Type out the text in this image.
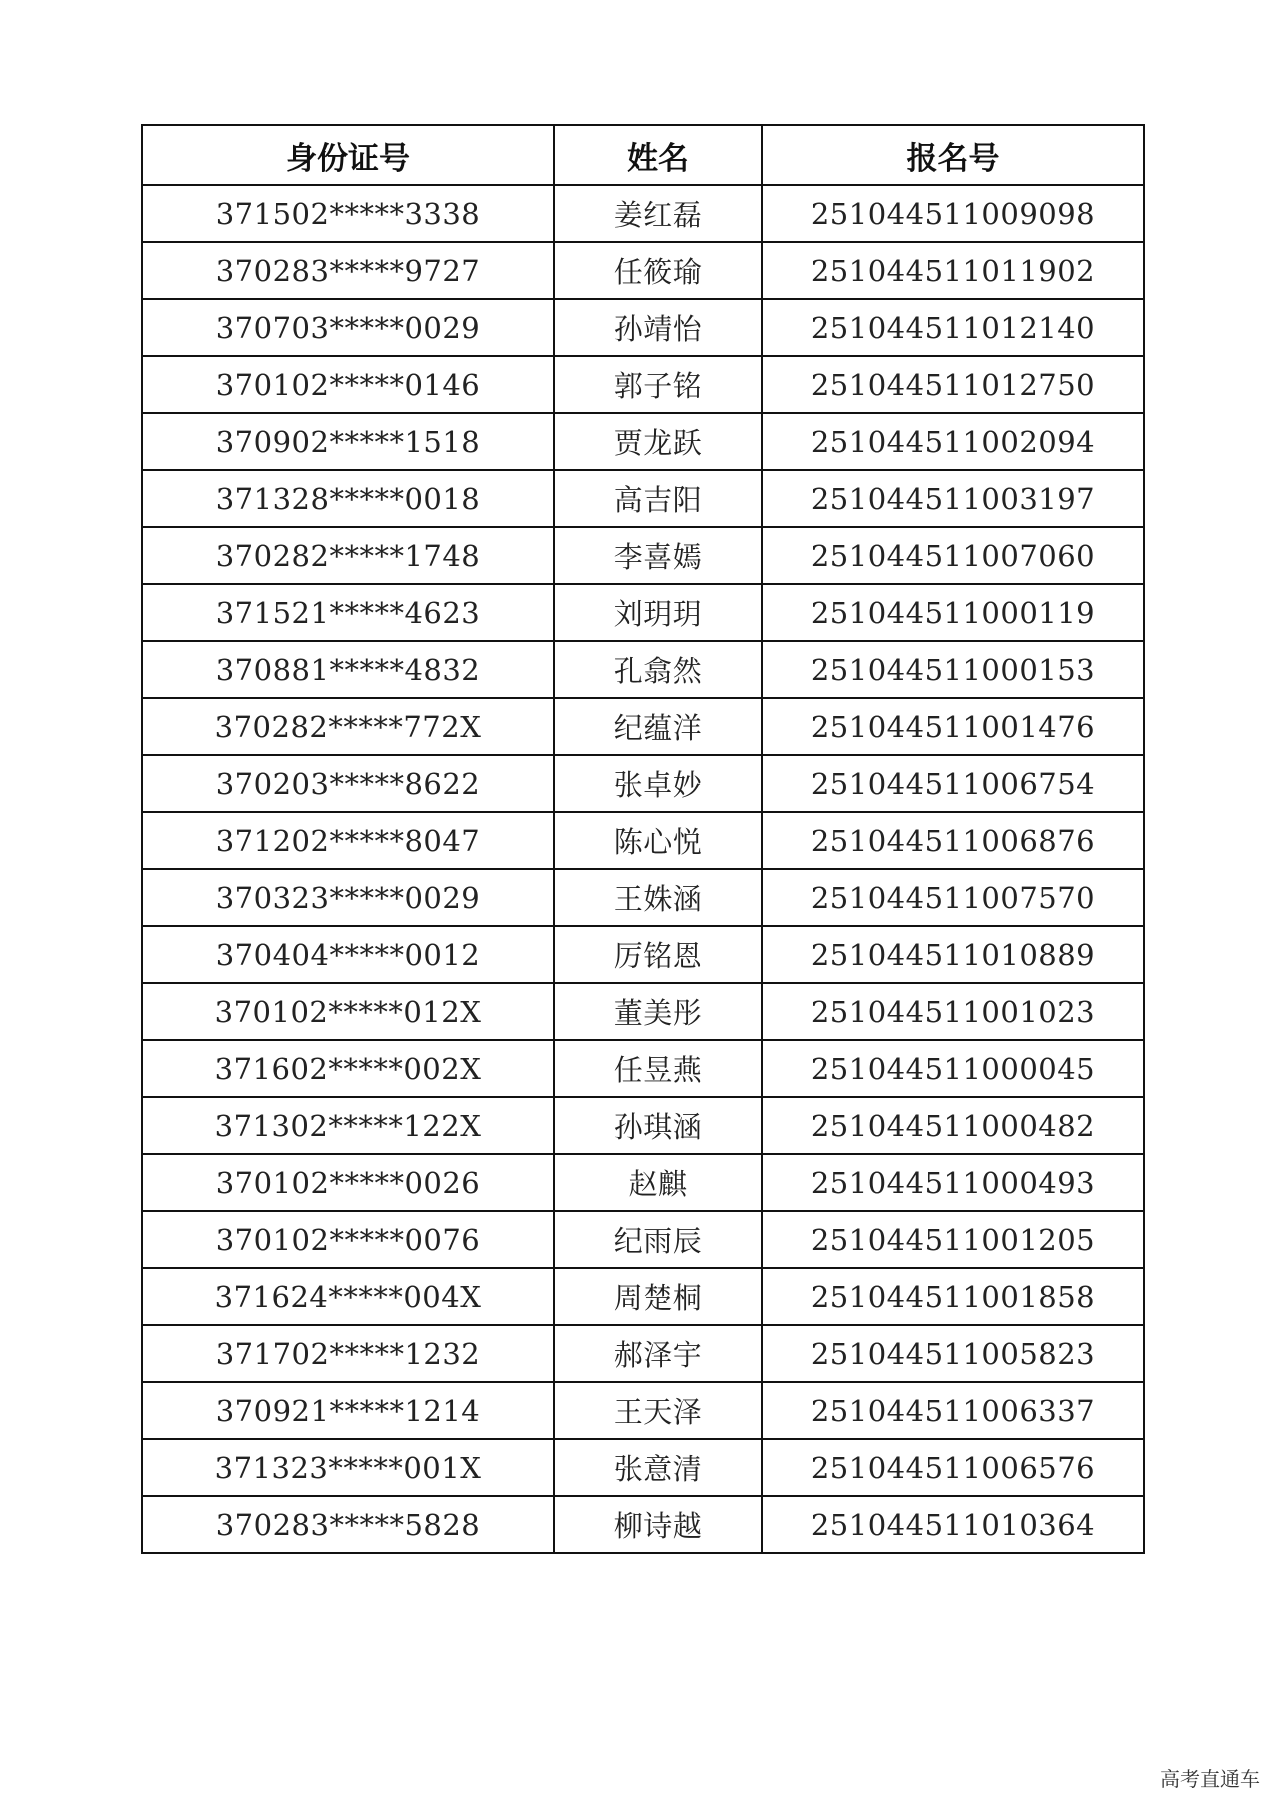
身份证号	姓名	报名号
371502*****3338	姜红磊	251044511009098
370283*****9727	任筱瑜	251044511011902
370703*****0029	孙靖怡	251044511012140
370102*****0146	郭子铭	251044511012750
370902*****1518	贾龙跃	251044511002094
371328*****0018	高吉阳	251044511003197
370282*****1748	李喜嫣	251044511007060
371521*****4623	刘玥玥	251044511000119
370881*****4832	孔翕然	251044511000153
370282*****772X	纪蕴洋	251044511001476
370203*****8622	张卓妙	251044511006754
371202*****8047	陈心悦	251044511006876
370323*****0029	王姝涵	251044511007570
370404*****0012	厉铭恩	251044511010889
370102*****012X	董美彤	251044511001023
371602*****002X	任昱燕	251044511000045
371302*****122X	孙琪涵	251044511000482
370102*****0026	赵麒	251044511000493
370102*****0076	纪雨辰	251044511001205
371624*****004X	周楚桐	251044511001858
371702*****1232	郝泽宇	251044511005823
370921*****1214	王天泽	251044511006337
371323*****001X	张意清	251044511006576
370283*****5828	柳诗越	251044511010364
高考直通车
